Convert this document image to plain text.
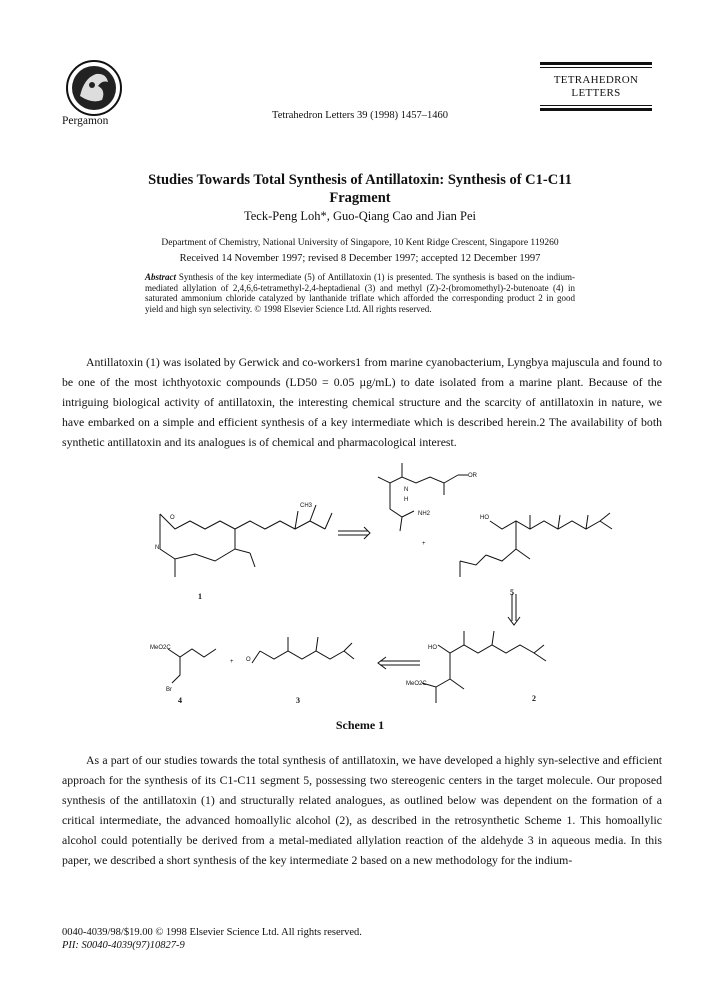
Pergamon	Tetrahedron Letters 39 (1998) 1457–1460
TETRAHEDRON
LETTERS
Studies Towards Total Synthesis of Antillatoxin: Synthesis of C1-C11
Fragment
Teck-Peng Loh*, Guo-Qiang Cao and Jian Pei
Department of Chemistry, National University of Singapore, 10 Kent Ridge Crescent, Singapore 119260
Received 14 November 1997; revised 8 December 1997; accepted 12 December 1997
Abstract Synthesis of the key intermediate (5) of Antillatoxin (1) is presented. The synthesis is based on the indium-mediated allylation of 2,4,6,6-tetramethyl-2,4-heptadienal (3) and methyl (Z)-2-(bromomethyl)-2-butenoate (4) in saturated ammonium chloride catalyzed by lanthanide triflate which afforded the corresponding product 2 in good yield and high syn selectivity. © 1998 Elsevier Science Ltd. All rights reserved.

Antillatoxin (1) was isolated by Gerwick and co-workers1 from marine cyanobacterium, Lyngbya majuscula and found to be one of the most ichthyotoxic compounds (LD50 = 0.05 µg/mL) to date isolated from a marine plant. Because of the intriguing biological activity of antillatoxin, the interesting chemical structure and the scarcity of antillatoxin in nature, we have embarked on a simple and efficient synthesis of a key intermediate which is described herein.2 The availability of both synthetic antillatoxin and its analogues is of chemical and pharmacological interest.

CH3
O
N
OR
N
H
NH2
HO
+
MeO2C
Br
+ O
HO
MeO2C
1	5
4	3	2
Scheme 1

As a part of our studies towards the total synthesis of antillatoxin, we have developed a highly syn-selective and efficient approach for the synthesis of its C1-C11 segment 5, possessing two stereogenic centers in the target molecule. Our proposed synthesis of the antillatoxin (1) and structurally related analogues, as outlined below was dependent on the formation of a critical intermediate, the advanced homoallylic alcohol (2), as described in the retrosynthetic Scheme 1. This homoallylic alcohol could potentially be derived from a metal-mediated allylation reaction of the aldehyde 3 in aqueous media. In this paper, we described a short synthesis of the key intermediate 2 based on a new methodology for the indium-

0040-4039/98/$19.00 © 1998 Elsevier Science Ltd. All rights reserved.
PII: S0040-4039(97)10827-9
